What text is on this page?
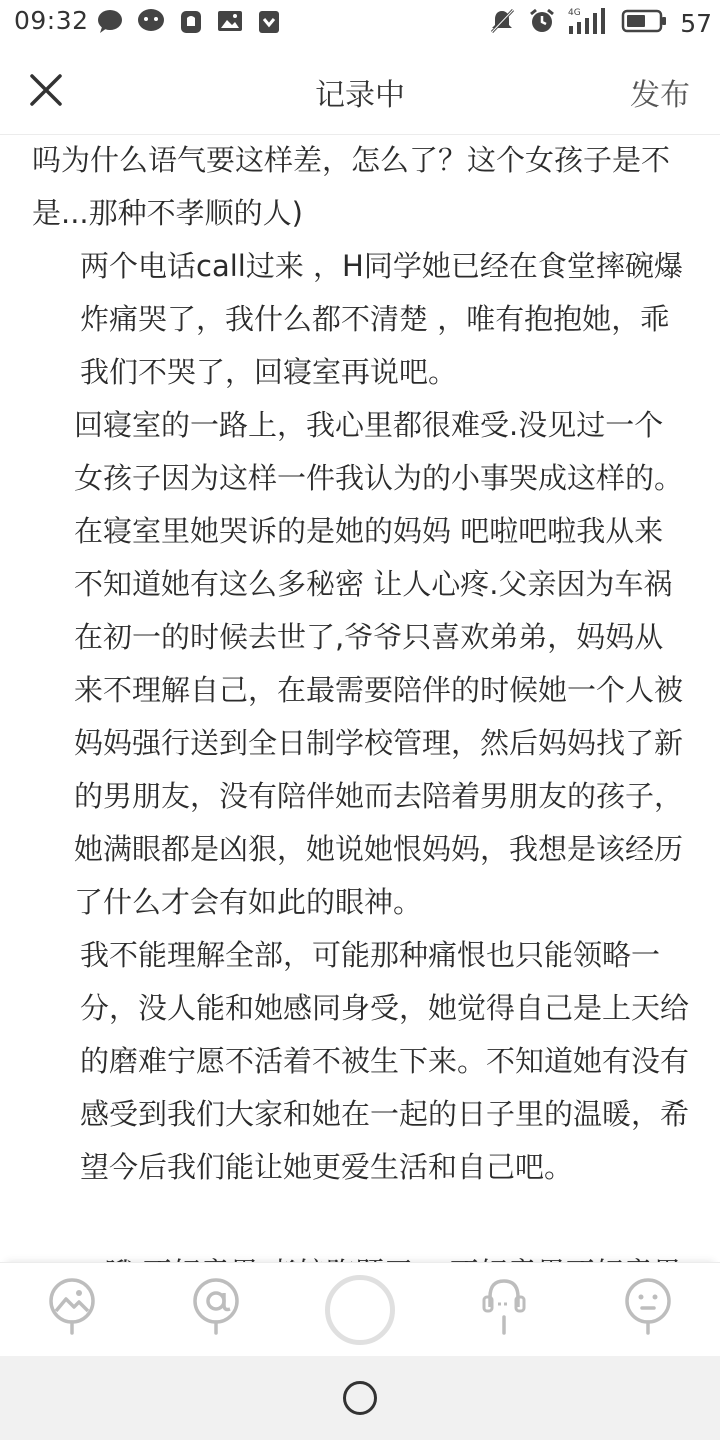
09:32	4G	57
记录中	发布

吗为什么语气要这样差，怎么了？这个女孩子是不是...那种不孝顺的人)

两个电话call过来 ，H同学她已经在食堂摔碗爆炸痛哭了，我什么都不清楚 ，唯有抱抱她，乖我们不哭了，回寝室再说吧。

回寝室的一路上，我心里都很难受.没见过一个女孩子因为这样一件我认为的小事哭成这样的。在寝室里她哭诉的是她的妈妈 吧啦吧啦我从来不知道她有这么多秘密 让人心疼.父亲因为车祸在初一的时候去世了,爷爷只喜欢弟弟，妈妈从来不理解自己，在最需要陪伴的时候她一个人被妈妈强行送到全日制学校管理，然后妈妈找了新的男朋友，没有陪伴她而去陪着男朋友的孩子，她满眼都是凶狠，她说她恨妈妈，我想是该经历了什么才会有如此的眼神。

我不能理解全部，可能那种痛恨也只能领略一分，没人能和她感同身受，她觉得自己是上天给的磨难宁愿不活着不被生下来。不知道她有没有感受到我们大家和她在一起的日子里的温暖，希望今后我们能让她更爱生活和自己吧。
